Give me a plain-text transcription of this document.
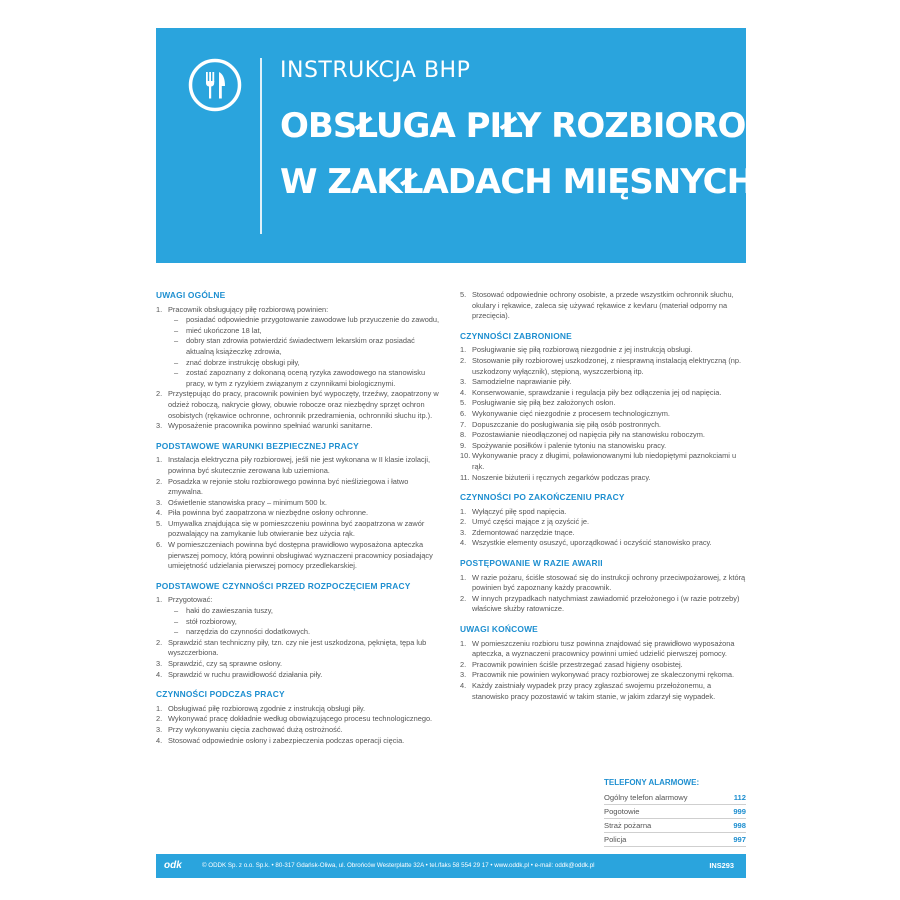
INSTRUKCJA BHP
OBSŁUGA PIŁY ROZBIOROWEJ
W ZAKŁADACH MIĘSNYCH
UWAGI OGÓLNE
1. Pracownik obsługujący piłę rozbiorową powinien:
– posiadać odpowiednie przygotowanie zawodowe lub przyuczenie do zawodu,
– mieć ukończone 18 lat,
– dobry stan zdrowia potwierdzić świadectwem lekarskim oraz posiadać aktualną książeczkę zdrowia,
– znać dobrze instrukcję obsługi piły,
– zostać zapoznany z dokonaną oceną ryzyka zawodowego na stanowisku pracy, w tym z ryzykiem związanym z czynnikami biologicznymi.
2. Przystępując do pracy, pracownik powinien być wypoczęty, trzeźwy, zaopatrzony w odzież roboczą, nakrycie głowy, obuwie robocze oraz niezbędny sprzęt ochron osobistych (rękawice ochronne, ochronnik przedramienia, ochronniki słuchu itp.).
3. Wyposażenie pracownika powinno spełniać warunki sanitarne.
PODSTAWOWE WARUNKI BEZPIECZNEJ PRACY
1. Instalacja elektryczna piły rozbiorowej, jeśli nie jest wykonana w II klasie izolacji, powinna być skutecznie zerowana lub uziemiona.
2. Posadzka w rejonie stołu rozbiorowego powinna być nieśliziegowa i łatwo zmywalna.
3. Oświetlenie stanowiska pracy – minimum 500 lx.
4. Piła powinna być zaopatrzona w niezbędne osłony ochronne.
5. Umywalka znajdująca się w pomieszczeniu powinna być zaopatrzona w zawór pozwalający na zamykanie lub otwieranie bez użycia rąk.
6. W pomieszczeniach powinna być dostępna prawidłowo wyposażona apteczka pierwszej pomocy, którą powinni obsługiwać wyznaczeni pracownicy posiadający umiejętność udzielania pierwszej pomocy przedlekarskiej.
PODSTAWOWE CZYNNOŚCI PRZED ROZPOCZĘCIEM PRACY
1. Przygotować:
– haki do zawieszania tuszy,
– stół rozbiorowy,
– narzędzia do czynności dodatkowych.
2. Sprawdzić stan techniczny piły, tzn. czy nie jest uszkodzona, pęknięta, tępa lub wyszczerbiona.
3. Sprawdzić, czy są sprawne osłony.
4. Sprawdzić w ruchu prawidłowość działania piły.
CZYNNOŚCI PODCZAS PRACY
1. Obsługiwać piłę rozbiorową zgodnie z instrukcją obsługi piły.
2. Wykonywać pracę dokładnie według obowiązującego procesu technologicznego.
3. Przy wykonywaniu cięcia zachować dużą ostrożność.
4. Stosować odpowiednie osłony i zabezpieczenia podczas operacji cięcia.
5. Stosować odpowiednie ochrony osobiste, a przede wszystkim ochronnik słuchu, okulary i rękawice, zaleca się używać rękawice z kevlaru (materiał odporny na przecięcia).
CZYNNOŚCI ZABRONIONE
1. Posługiwanie się piłą rozbiorową niezgodnie z jej instrukcją obsługi.
2. Stosowanie piły rozbiorowej uszkodzonej, z niesprawną instalacją elektryczną (np. uszkodzony wyłącznik), stępioną, wyszczerbioną itp.
3. Samodzielne naprawianie piły.
4. Konserwowanie, sprawdzanie i regulacja piły bez odłączenia jej od napięcia.
5. Posługiwanie się piłą bez założonych osłon.
6. Wykonywanie cięć niezgodnie z procesem technologicznym.
7. Dopuszczanie do posługiwania się piłą osób postronnych.
8. Pozostawianie nieodłączonej od napięcia piły na stanowisku roboczym.
9. Spożywanie posiłków i palenie tytoniu na stanowisku pracy.
10. Wykonywanie pracy z długimi, poławionowanymi lub niedopiętymi paznokciami u rąk.
11. Noszenie biżuterii i ręcznych zegarków podczas pracy.
CZYNNOŚCI PO ZAKOŃCZENIU PRACY
1. Wyłączyć piłę spod napięcia.
2. Umyć części mające z ją ozyścić je.
3. Zdemontować narzędzie tnące.
4. Wszystkie elementy osuszyć, uporządkować i oczyścić stanowisko pracy.
POSTĘPOWANIE W RAZIE AWARII
1. W razie pożaru, ściśle stosować się do instrukcji ochrony przeciwpożarowej, z którą powinien być zapoznany każdy pracownik.
2. W innych przypadkach natychmiast zawiadomić przełożonego i (w razie potrzeby) właściwe służby ratownicze.
UWAGI KOŃCOWE
1. W pomieszczeniu rozbioru tusz powinna znajdować się prawidłowo wyposażona apteczka, a wyznaczeni pracownicy powinni umieć udzielić pierwszej pomocy.
2. Pracownik powinien ściśle przestrzegać zasad higieny osobistej.
3. Pracownik nie powinien wykonywać pracy rozbiorowej ze skaleczonymi rękoma.
4. Każdy zaistniały wypadek przy pracy zgłaszać swojemu przełożonemu, a stanowisko pracy pozostawić w takim stanie, w jakim zdarzył się wypadek.
TELEFONY ALARMOWE:
Ogólny telefon alarmowy	112
Pogotowie	999
Straż pożarna	998
Policja	997
odk	© ODDK Sp. z o.o. Sp.k. • 80-317 Gdańsk-Oliwa, ul. Obrońców Westerplatte 32A • tel./faks 58 554 29 17 • www.oddk.pl • e-mail: oddk@oddk.pl	INS293
